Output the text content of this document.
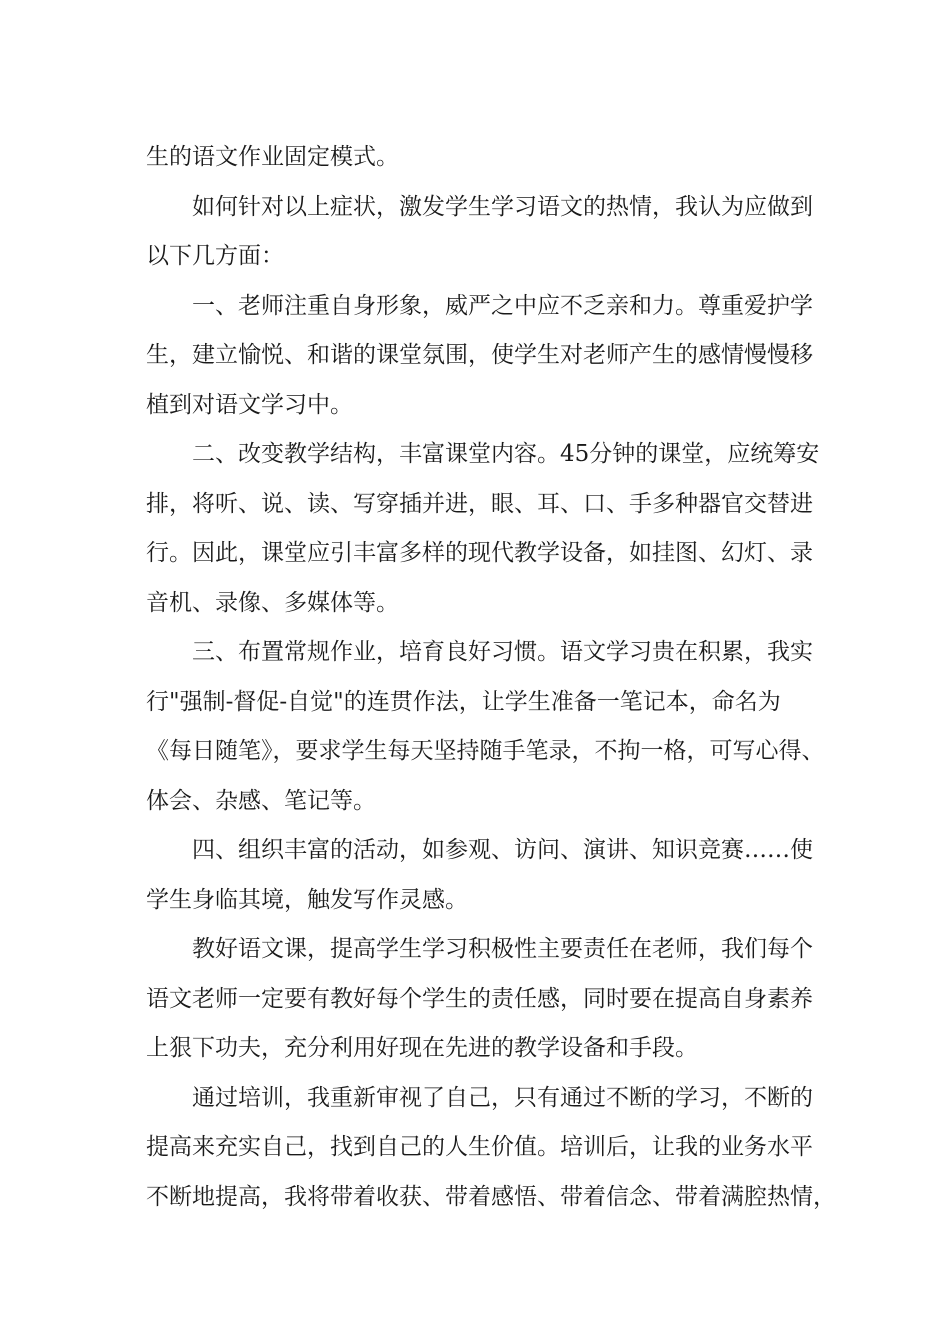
生的语文作业固定模式。
如何针对以上症状，激发学生学习语文的热情，我认为应做到
以下几方面：
一、老师注重自身形象，威严之中应不乏亲和力。尊重爱护学
生，建立愉悦、和谐的课堂氛围，使学生对老师产生的感情慢慢移
植到对语文学习中。
二、改变教学结构，丰富课堂内容。45分钟的课堂，应统筹安
排，将听、说、读、写穿插并进，眼、耳、口、手多种器官交替进
行。因此，课堂应引丰富多样的现代教学设备，如挂图、幻灯、录
音机、录像、多媒体等。
三、布置常规作业，培育良好习惯。语文学习贵在积累，我实
行"强制-督促-自觉"的连贯作法，让学生准备一笔记本，命名为
《每日随笔》，要求学生每天坚持随手笔录，不拘一格，可写心得、
体会、杂感、笔记等。
四、组织丰富的活动，如参观、访问、演讲、知识竞赛……使
学生身临其境，触发写作灵感。
教好语文课，提高学生学习积极性主要责任在老师，我们每个
语文老师一定要有教好每个学生的责任感，同时要在提高自身素养
上狠下功夫，充分利用好现在先进的教学设备和手段。
通过培训，我重新审视了自己，只有通过不断的学习，不断的
提高来充实自己，找到自己的人生价值。培训后，让我的业务水平
不断地提高，我将带着收获、带着感悟、带着信念、带着满腔热情，
